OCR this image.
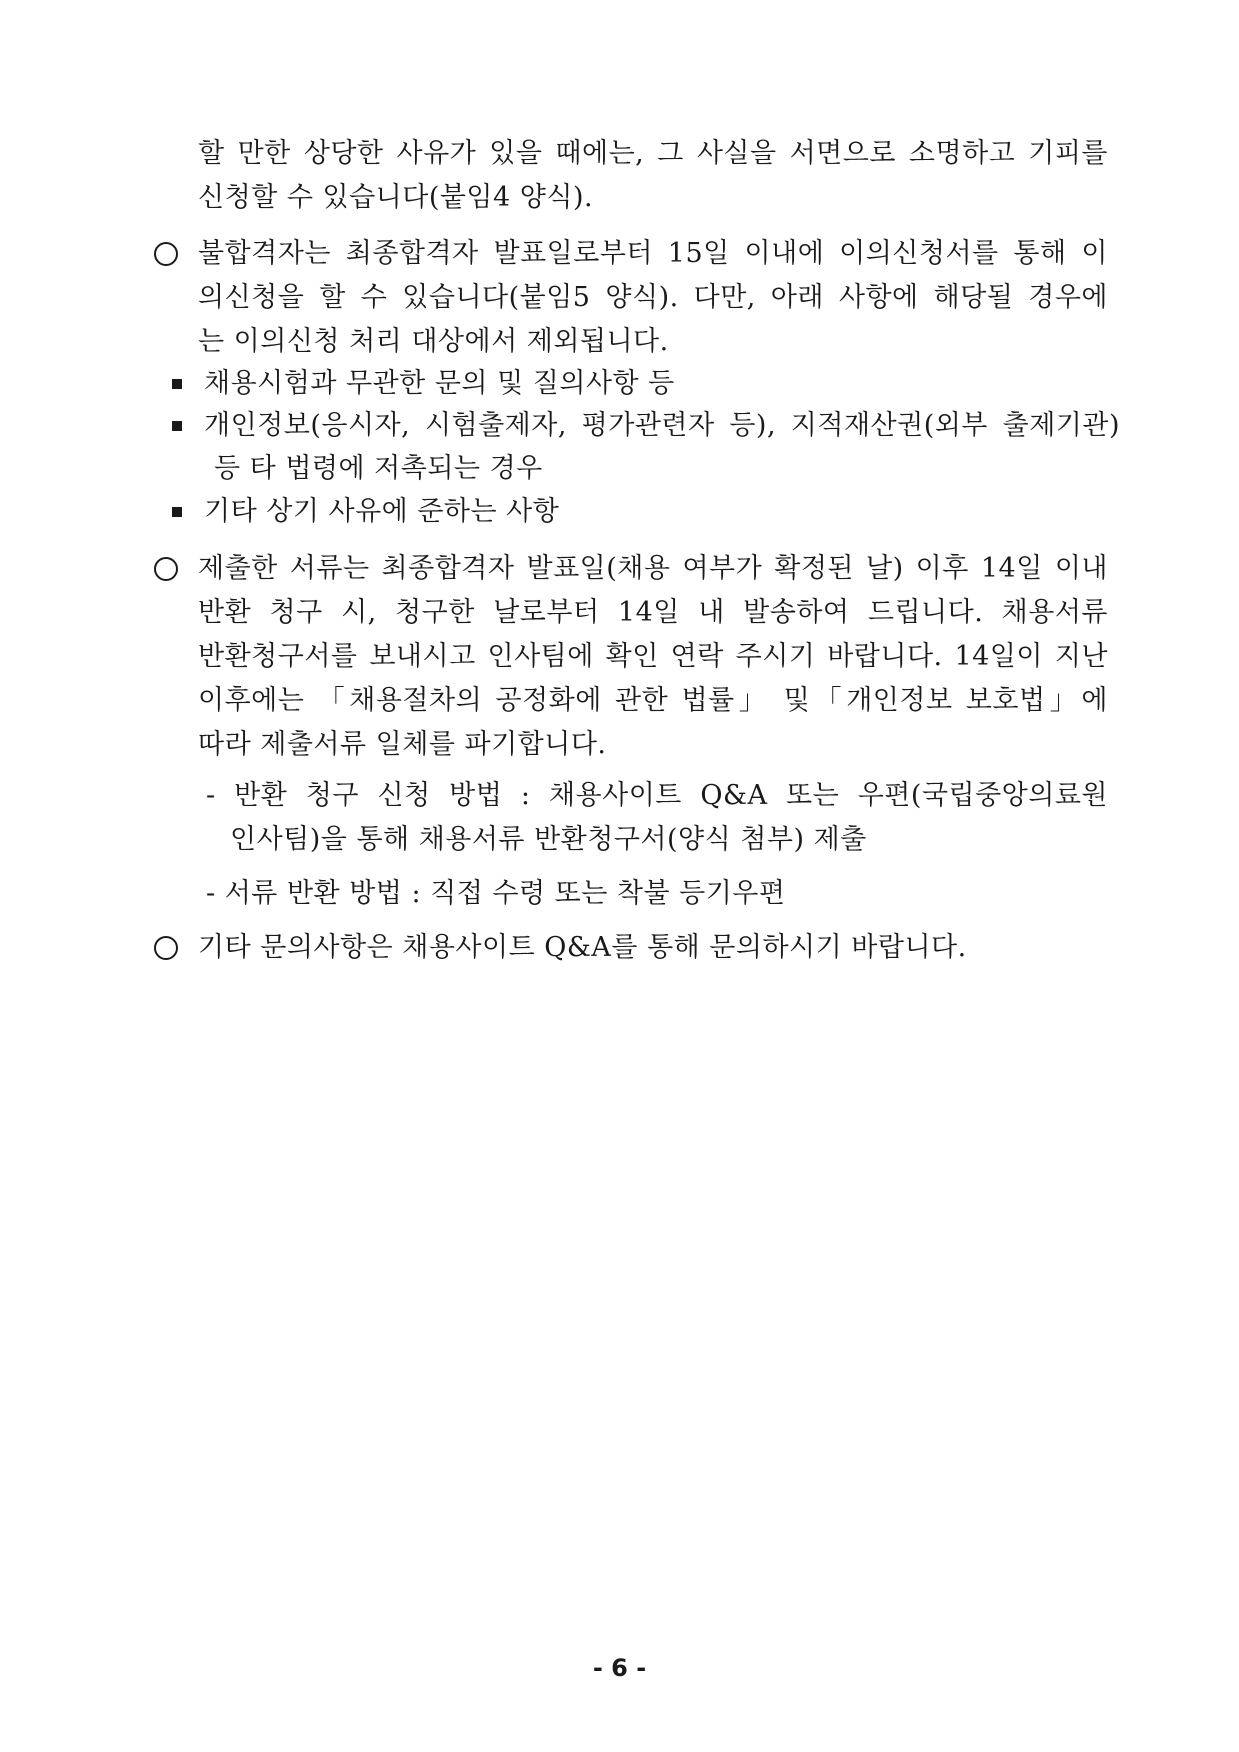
할 만한 상당한 사유가 있을 때에는, 그 사실을 서면으로 소명하고 기피를
신청할 수 있습니다(붙임4 양식).
불합격자는 최종합격자 발표일로부터 15일 이내에 이의신청서를 통해 이
의신청을 할 수 있습니다(붙임5 양식). 다만, 아래 사항에 해당될 경우에
는 이의신청 처리 대상에서 제외됩니다.
채용시험과 무관한 문의 및 질의사항 등
개인정보(응시자, 시험출제자, 평가관련자 등), 지적재산권(외부 출제기관)
등 타 법령에 저촉되는 경우
기타 상기 사유에 준하는 사항
제출한 서류는 최종합격자 발표일(채용 여부가 확정된 날) 이후 14일 이내
반환 청구 시, 청구한 날로부터 14일 내 발송하여 드립니다. 채용서류
반환청구서를 보내시고 인사팀에 확인 연락 주시기 바랍니다. 14일이 지난
이후에는 「채용절차의 공정화에 관한 법률」 및「개인정보 보호법」에
따라 제출서류 일체를 파기합니다.
- 반환 청구 신청 방법 : 채용사이트 Q&A 또는 우편(국립중앙의료원
인사팀)을 통해 채용서류 반환청구서(양식 첨부) 제출
- 서류 반환 방법 : 직접 수령 또는 착불 등기우편
기타 문의사항은 채용사이트 Q&A를 통해 문의하시기 바랍니다.
- 6 -
